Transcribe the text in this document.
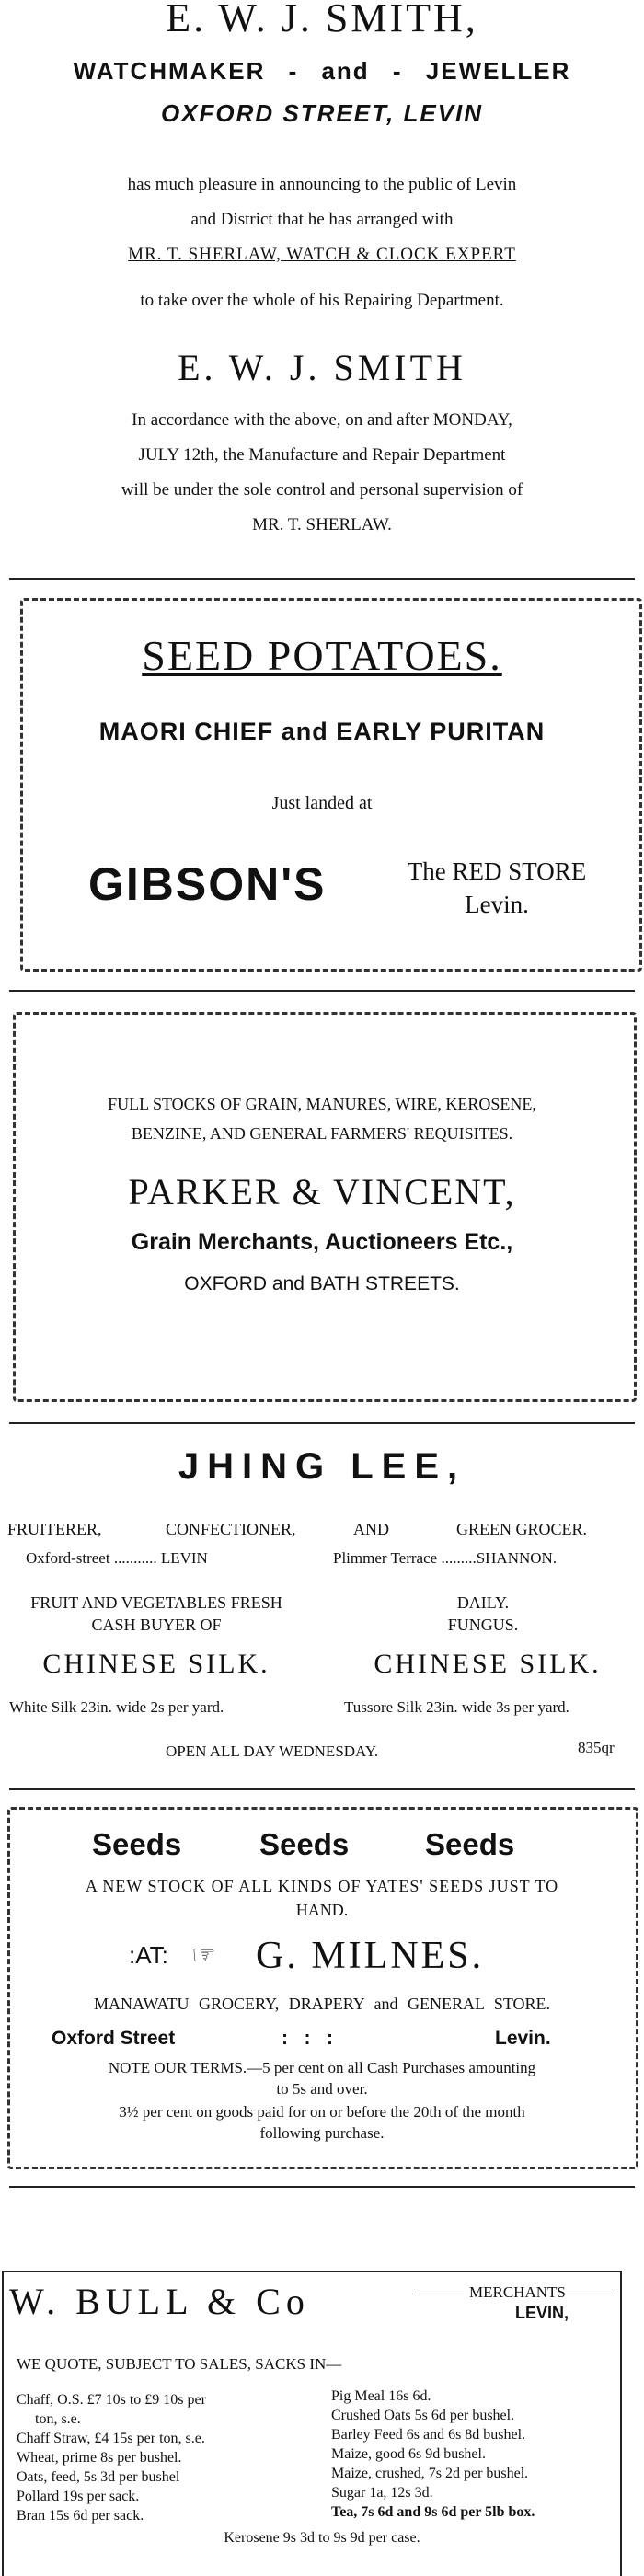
E. W. J. SMITH,
WATCHMAKER - and - JEWELLER
OXFORD STREET, LEVIN
has much pleasure in announcing to the public of Levin
and District that he has arranged with
MR. T. SHERLAW, WATCH & CLOCK EXPERT
to take over the whole of his Repairing Department.
E. W. J. SMITH
In accordance with the above, on and after MONDAY,
JULY 12th, the Manufacture and Repair Department
will be under the sole control and personal supervision of
MR. T. SHERLAW.
SEED POTATOES.
MAORI CHIEF and EARLY PURITAN
Just landed at
GIBSON'S	The RED STORE
Levin.
FULL STOCKS OF GRAIN, MANURES, WIRE, KEROSENE,
BENZINE, AND GENERAL FARMERS' REQUISITES.
PARKER & VINCENT,
Grain Merchants, Auctioneers Etc.,
OXFORD and BATH STREETS.
JHING LEE,
FRUITERER,	CONFECTIONER,	AND	GREEN GROCER.
Oxford-street ........... LEVIN	Plimmer Terrace .........SHANNON.
FRUIT AND VEGETABLES FRESH
CASH BUYER OF
DAILY.
FUNGUS.
CHINESE SILK.	CHINESE SILK.
White Silk 23in. wide 2s per yard.	Tussore Silk 23in. wide 3s per yard.
OPEN ALL DAY WEDNESDAY.	835qr
Seeds	Seeds	Seeds
A NEW STOCK OF ALL KINDS OF YATES' SEEDS JUST TO
HAND.
:AT: ☞ G. MILNES.
MANAWATU GROCERY, DRAPERY and GENERAL STORE.
Oxford Street	:   :   :	Levin.
NOTE OUR TERMS.—5 per cent on all Cash Purchases amounting
to 5s and over.
3½ per cent on goods paid for on or before the 20th of the month
following purchase.
W. BULL & Co	MERCHANTS
LEVIN,
WE QUOTE, SUBJECT TO SALES, SACKS IN—
Chaff, O.S. £7 10s to £9 10s per
ton, s.e.
Chaff Straw, £4 15s per ton, s.e.
Wheat, prime 8s per bushel.
Oats, feed, 5s 3d per bushel
Pollard 19s per sack.
Bran 15s 6d per sack.
Pig Meal 16s 6d.
Crushed Oats 5s 6d per bushel.
Barley Feed 6s and 6s 8d bushel.
Maize, good 6s 9d bushel.
Maize, crushed, 7s 2d per bushel.
Sugar 1a, 12s 3d.
Tea, 7s 6d and 9s 6d per 5lb box.
Kerosene 9s 3d to 9s 9d per case.
